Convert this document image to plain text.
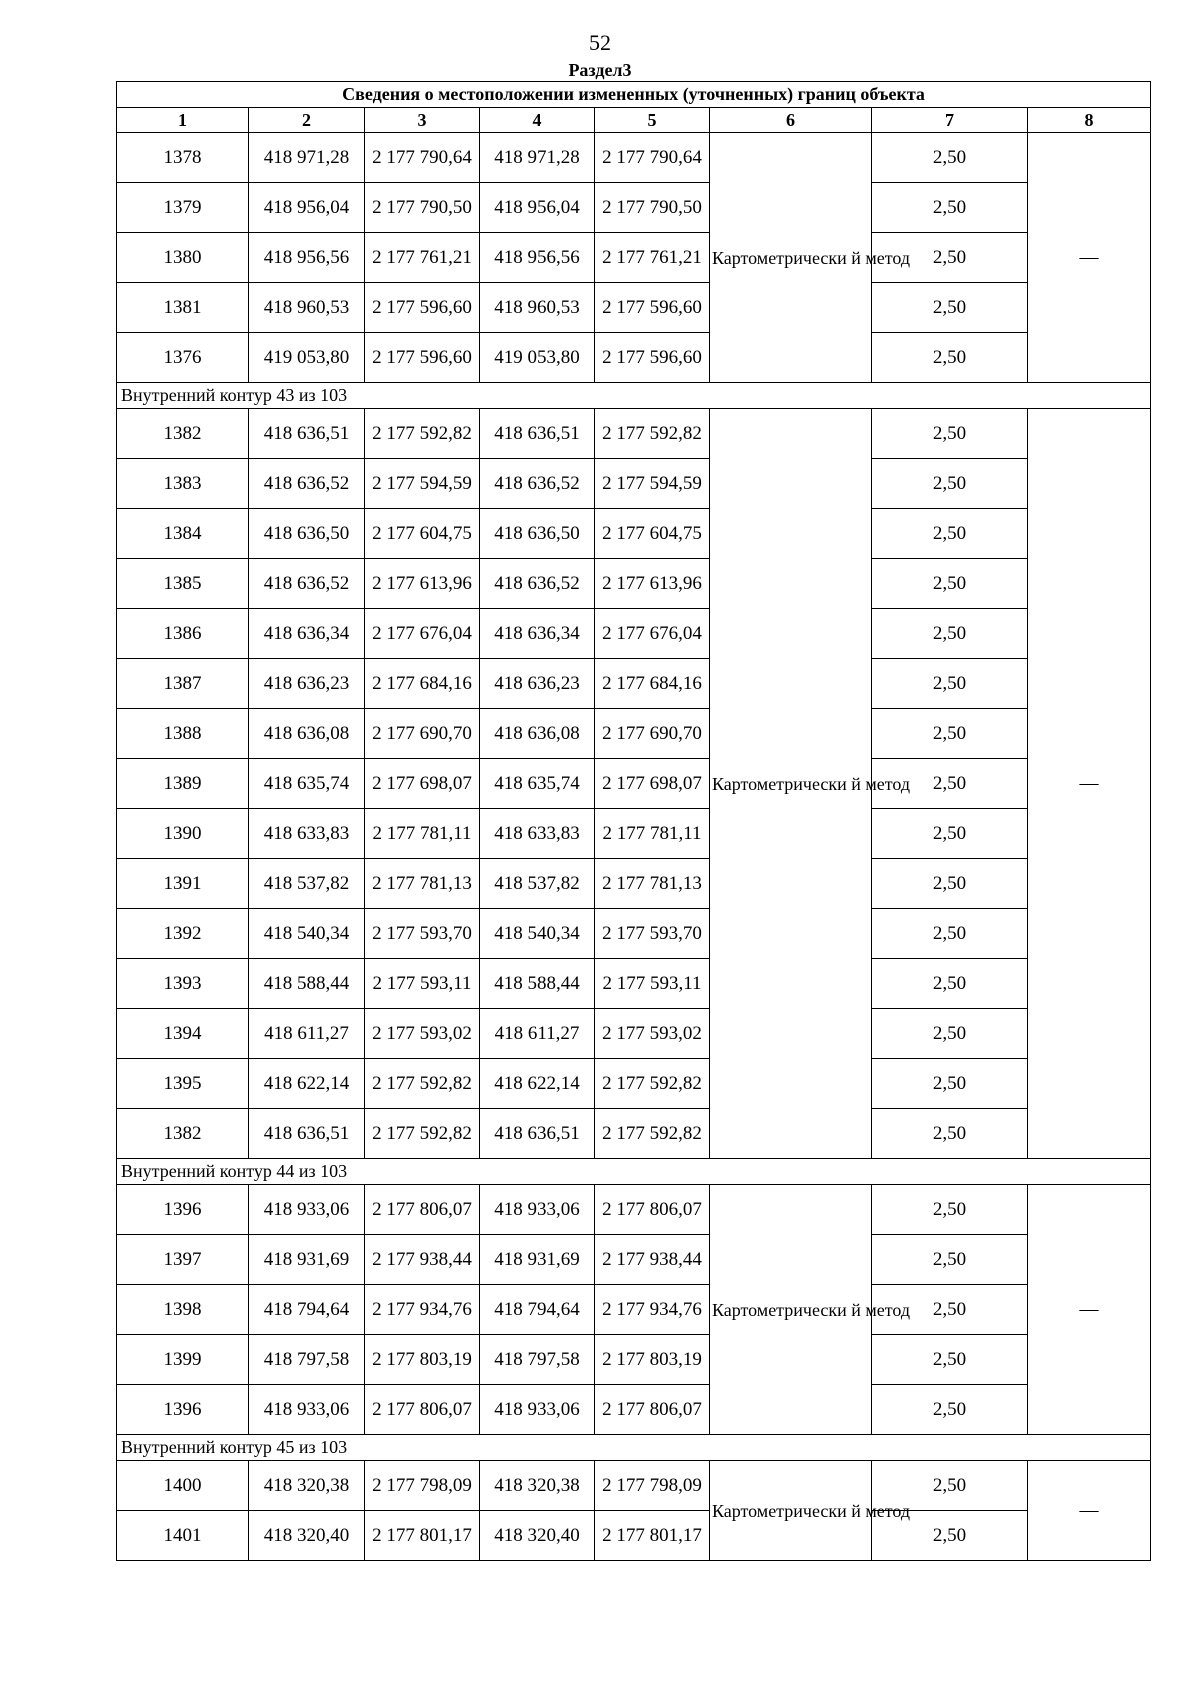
52
Раздел3
Сведения о местоположении измененных (уточненных) границ объекта							
1	2	3	4	5	6	7	8
1378	418 971,28	2 177 790,64	418 971,28	2 177 790,64	Картометрически й метод	2,50	—
1379	418 956,04	2 177 790,50	418 956,04	2 177 790,50		2,50	
1380	418 956,56	2 177 761,21	418 956,56	2 177 761,21		2,50	
1381	418 960,53	2 177 596,60	418 960,53	2 177 596,60		2,50	
1376	419 053,80	2 177 596,60	419 053,80	2 177 596,60		2,50	
Внутренний контур 43 из 103							
1382	418 636,51	2 177 592,82	418 636,51	2 177 592,82	Картометрически й метод	2,50	—
1383	418 636,52	2 177 594,59	418 636,52	2 177 594,59		2,50	
1384	418 636,50	2 177 604,75	418 636,50	2 177 604,75		2,50	
1385	418 636,52	2 177 613,96	418 636,52	2 177 613,96		2,50	
1386	418 636,34	2 177 676,04	418 636,34	2 177 676,04		2,50	
1387	418 636,23	2 177 684,16	418 636,23	2 177 684,16		2,50	
1388	418 636,08	2 177 690,70	418 636,08	2 177 690,70		2,50	
1389	418 635,74	2 177 698,07	418 635,74	2 177 698,07		2,50	
1390	418 633,83	2 177 781,11	418 633,83	2 177 781,11		2,50	
1391	418 537,82	2 177 781,13	418 537,82	2 177 781,13		2,50	
1392	418 540,34	2 177 593,70	418 540,34	2 177 593,70		2,50	
1393	418 588,44	2 177 593,11	418 588,44	2 177 593,11		2,50	
1394	418 611,27	2 177 593,02	418 611,27	2 177 593,02		2,50	
1395	418 622,14	2 177 592,82	418 622,14	2 177 592,82		2,50	
1382	418 636,51	2 177 592,82	418 636,51	2 177 592,82		2,50	
Внутренний контур 44 из 103							
1396	418 933,06	2 177 806,07	418 933,06	2 177 806,07	Картометрически й метод	2,50	—
1397	418 931,69	2 177 938,44	418 931,69	2 177 938,44		2,50	
1398	418 794,64	2 177 934,76	418 794,64	2 177 934,76		2,50	
1399	418 797,58	2 177 803,19	418 797,58	2 177 803,19		2,50	
1396	418 933,06	2 177 806,07	418 933,06	2 177 806,07		2,50	
Внутренний контур 45 из 103							
1400	418 320,38	2 177 798,09	418 320,38	2 177 798,09	Картометрически й метод	2,50	—
1401	418 320,40	2 177 801,17	418 320,40	2 177 801,17		2,50	
